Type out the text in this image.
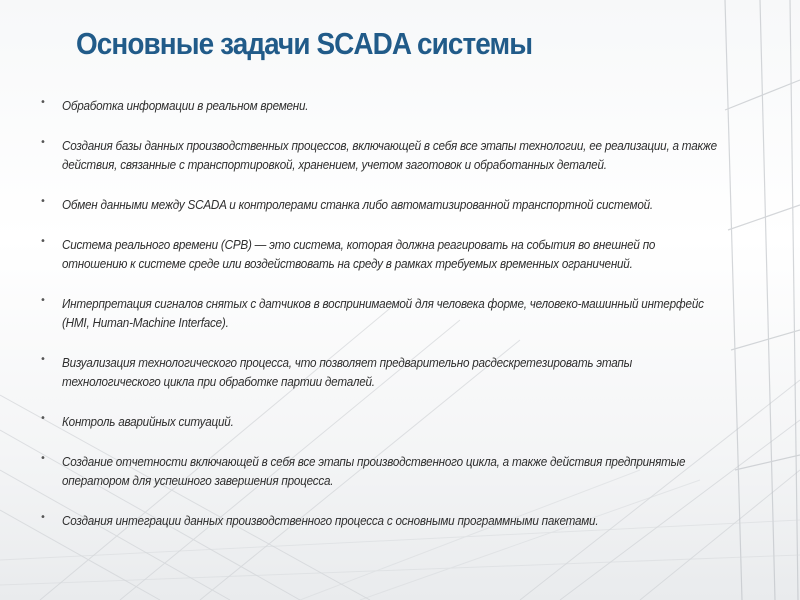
Основные задачи SCADA системы
• Обработка информации в реальном времени.
• Создания базы данных производственных процессов, включающей в себя все этапы технологии, ее реализации, а также действия, связанные с транспортировкой, хранением, учетом заготовок и обработанных деталей.
• Обмен данными между SCADA и контролерами станка либо автоматизированной транспортной системой.
• Система реального времени (СРВ) — это система, которая должна реагировать на события во внешней по отношению к системе среде или воздействовать на среду в рамках требуемых временных ограничений.
• Интерпретация сигналов снятых с датчиков в воспринимаемой для человека форме, человеко-машинный интерфейс (HMI, Human-Machine Interface).
• Визуализация технологического процесса, что позволяет предварительно расдескретезировать этапы технологического цикла при обработке партии деталей.
• Контроль аварийных ситуаций.
• Создание отчетности включающей в себя все этапы производственного цикла, а также действия предпринятые оператором для успешного завершения процесса.
• Создания интеграции данных производственного процесса с основными программными пакетами.
